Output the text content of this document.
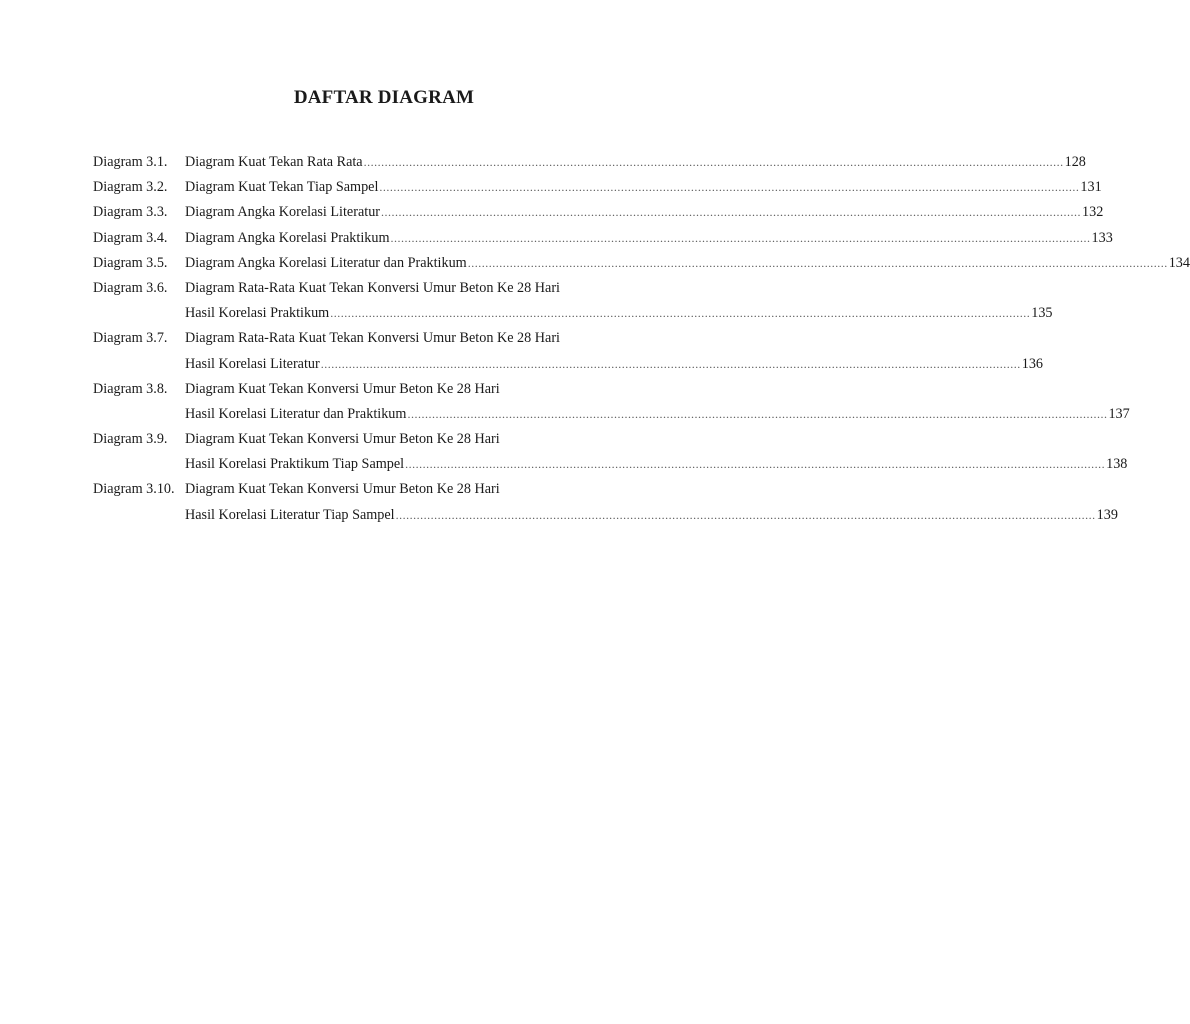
DAFTAR DIAGRAM
Diagram 3.1.	Diagram Kuat Tekan Rata Rata ........................................................................................................................................................................................................ 128
Diagram 3.2.	Diagram Kuat Tekan Tiap Sampel ........................................................................................................................................................................................................ 131
Diagram 3.3.	Diagram Angka Korelasi Literatur ........................................................................................................................................................................................................ 132
Diagram 3.4.	Diagram Angka Korelasi Praktikum ........................................................................................................................................................................................................ 133
Diagram 3.5.	Diagram Angka Korelasi Literatur dan Praktikum ........................................................................................................................................................................................................ 134
Diagram 3.6.	Diagram Rata-Rata Kuat Tekan Konversi Umur Beton Ke 28 Hari
Hasil Korelasi Praktikum ........................................................................................................................................................................................................ 135
Diagram 3.7.	Diagram Rata-Rata Kuat Tekan Konversi Umur Beton Ke 28 Hari
Hasil Korelasi Literatur ........................................................................................................................................................................................................ 136
Diagram 3.8.	Diagram Kuat Tekan Konversi Umur Beton Ke 28 Hari
Hasil Korelasi Literatur dan Praktikum ........................................................................................................................................................................................................ 137
Diagram 3.9.	Diagram Kuat Tekan Konversi Umur Beton Ke 28 Hari
Hasil Korelasi Praktikum Tiap Sampel ........................................................................................................................................................................................................ 138
Diagram 3.10. Diagram Kuat Tekan Konversi Umur Beton Ke 28 Hari
Hasil Korelasi Literatur Tiap Sampel ........................................................................................................................................................................................................ 139
